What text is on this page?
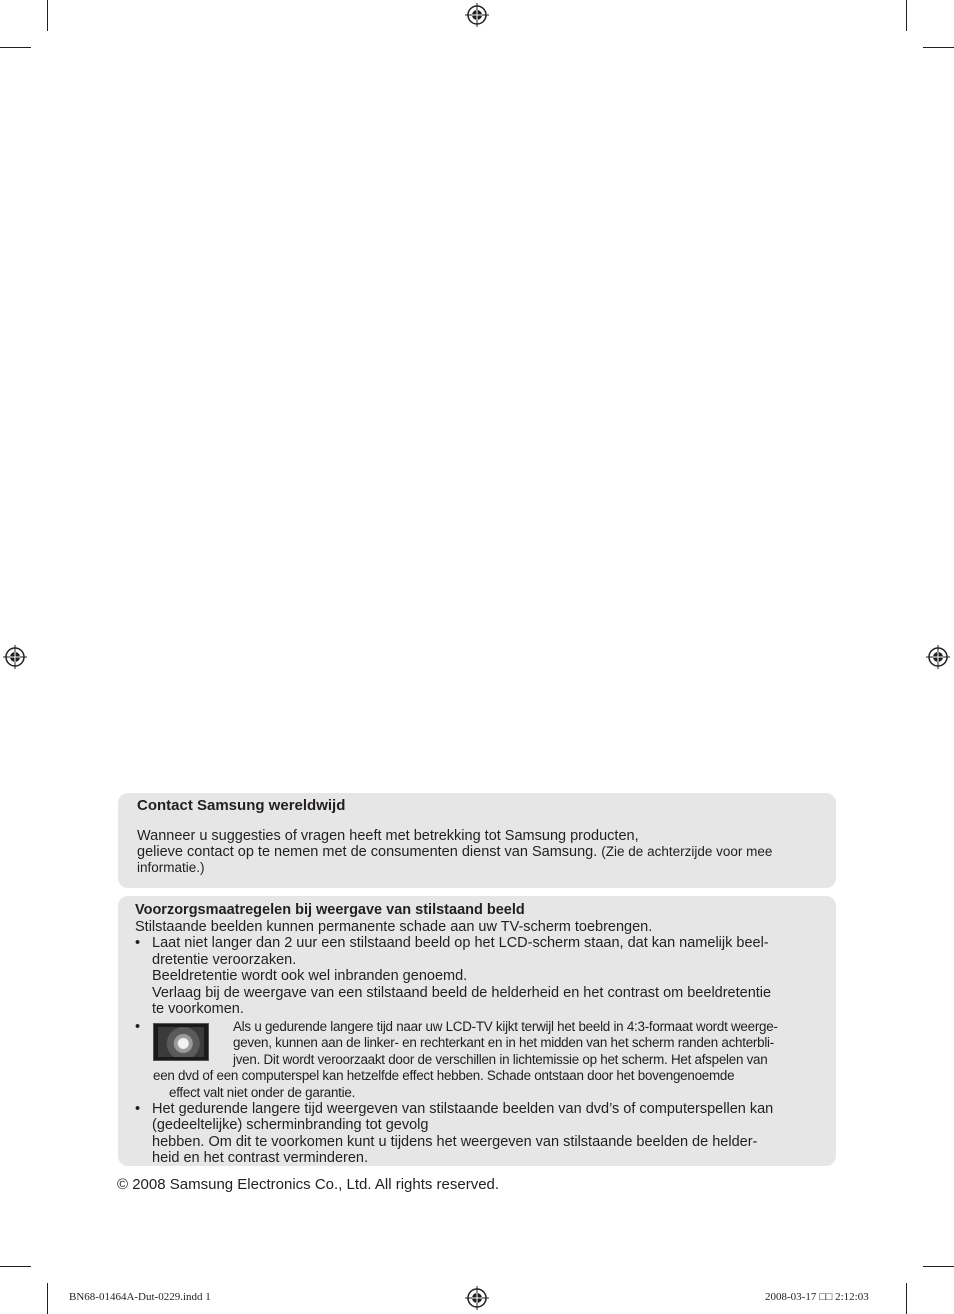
Contact Samsung wereldwijd

Wanneer u suggesties of vragen heeft met betrekking tot Samsung producten,
gelieve contact op te nemen met de consumenten dienst van Samsung. (Zie de achterzijde voor mee
informatie.)

Voorzorgsmaatregelen bij weergave van stilstaand beeld

Stilstaande beelden kunnen permanente schade aan uw TV-scherm toebrengen.

• Laat niet langer dan 2 uur een stilstaand beeld op het LCD-scherm staan, dat kan namelijk beel-

dretentie veroorzaken.

Beeldretentie wordt ook wel inbranden genoemd.

Verlaag bij de weergave van een stilstaand beeld de helderheid en het contrast om beeldretentie

te voorkomen.

•	Als u gedurende langere tijd naar uw LCD-TV kijkt terwijl het beeld in 4:3-formaat wordt weerge-
geven, kunnen aan de linker- en rechterkant en in het midden van het scherm randen achterbli-
jven. Dit wordt veroorzaakt door de verschillen in lichtemissie op het scherm. Het afspelen van
een dvd of een computerspel kan hetzelfde effect hebben. Schade ontstaan door het bovengenoemde
effect valt niet onder de garantie.
• Het gedurende langere tijd weergeven van stilstaande beelden van dvd’s of computerspellen kan

(gedeeltelijke) scherminbranding tot gevolg

hebben. Om dit te voorkomen kunt u tijdens het weergeven van stilstaande beelden de helder-

heid en het contrast verminderen.

© 2008 Samsung Electronics Co., Ltd. All rights reserved.

BN68-01464A-Dut-0229.indd 1	2008-03-17 □□ 2:12:03
